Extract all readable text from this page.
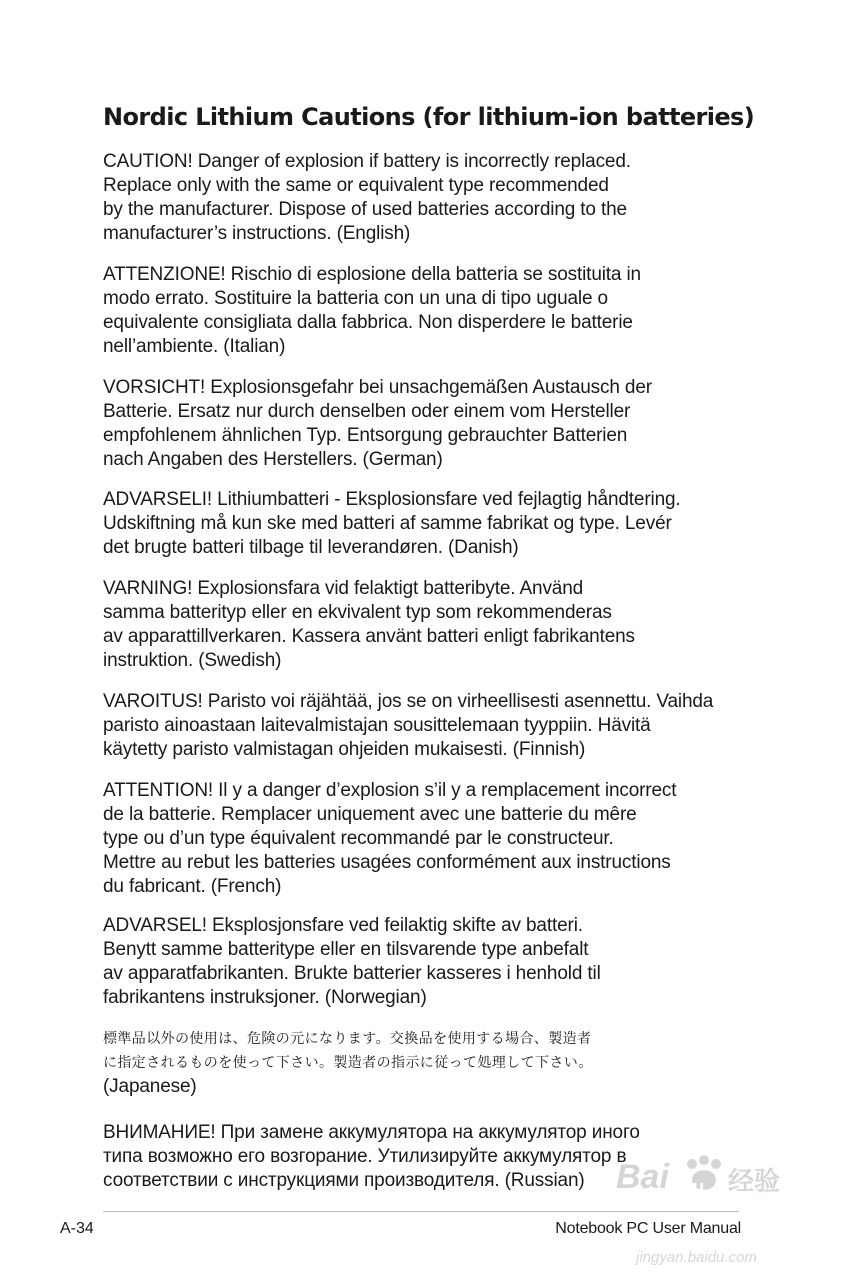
Nordic Lithium Cautions (for lithium-ion batteries)

CAUTION! Danger of explosion if battery is incorrectly replaced.
Replace only with the same or equivalent type recommended
by the manufacturer. Dispose of used batteries according to the
manufacturer’s instructions. (English)

ATTENZIONE! Rischio di esplosione della batteria se sostituita in
modo errato. Sostituire la batteria con un una di tipo uguale o
equivalente consigliata dalla fabbrica. Non disperdere le batterie
nell’ambiente. (Italian)

VORSICHT! Explosionsgefahr bei unsachgemäßen Austausch der
Batterie. Ersatz nur durch denselben oder einem vom Hersteller
empfohlenem ähnlichen Typ. Entsorgung gebrauchter Batterien
nach Angaben des Herstellers. (German)

ADVARSELI! Lithiumbatteri - Eksplosionsfare ved fejlagtig håndtering.
Udskiftning må kun ske med batteri af samme fabrikat og type. Levér
det brugte batteri tilbage til leverandøren. (Danish)

VARNING! Explosionsfara vid felaktigt batteribyte. Använd
samma batterityp eller en ekvivalent typ som rekommenderas
av apparattillverkaren. Kassera använt batteri enligt fabrikantens
instruktion. (Swedish)

VAROITUS! Paristo voi räjähtää, jos se on virheellisesti asennettu. Vaihda
paristo ainoastaan laitevalmistajan sousittelemaan tyyppiin. Hävitä
käytetty paristo valmistagan ohjeiden mukaisesti. (Finnish)

ATTENTION! Il y a danger d’explosion s’il y a remplacement incorrect
de la batterie. Remplacer uniquement avec une batterie du mêre
type ou d’un type équivalent recommandé par le constructeur.
Mettre au rebut les batteries usagées conformément aux instructions
du fabricant. (French)

ADVARSEL! Eksplosjonsfare ved feilaktig skifte av batteri.
Benytt samme batteritype eller en tilsvarende type anbefalt
av apparatfabrikanten. Brukte batterier kasseres i henhold til
fabrikantens instruksjoner. (Norwegian)

標準品以外の使用は、危険の元になります。交換品を使用する場合、製造者
に指定されるものを使って下さい。製造者の指示に従って処理して下さい。
(Japanese)

ВНИМАНИЕ! При замене аккумулятора на аккумулятор иного
типа возможно его возгорание. Утилизируйте аккумулятор в
соответствии с инструкциями производителя. (Russian)

A-34	Notebook PC User Manual
Bai du 经验
jingyan.baidu.com
